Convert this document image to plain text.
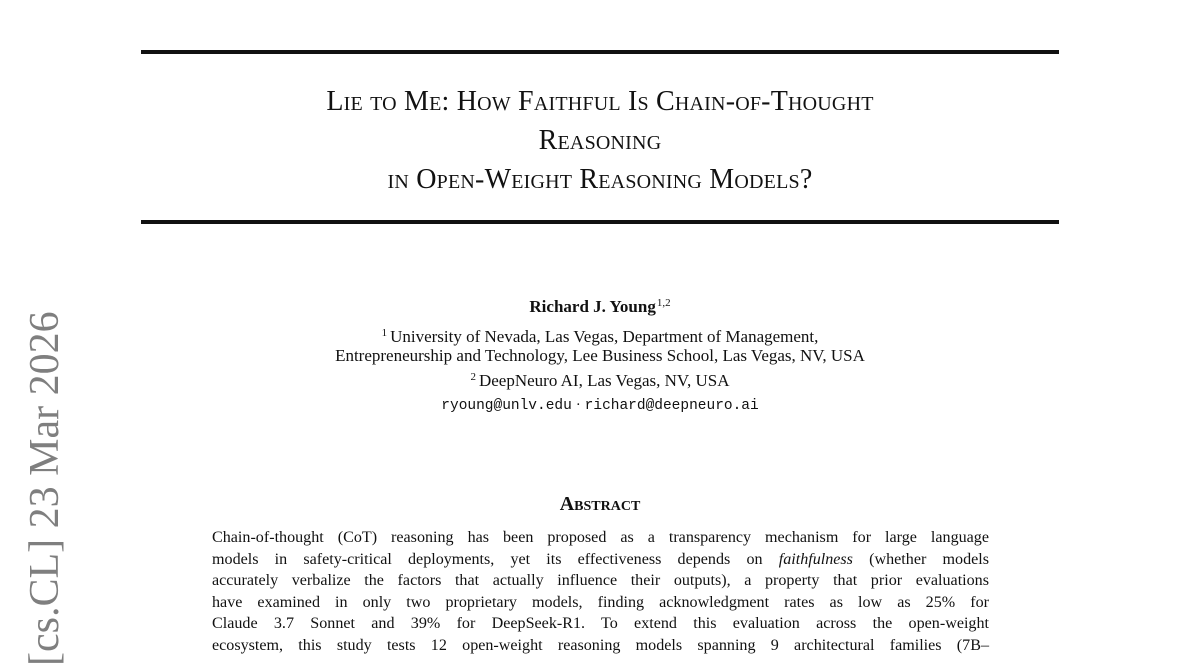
Lie to Me: How Faithful Is Chain-of-Thought
Reasoning
in Open-Weight Reasoning Models?
[cs.CL] 23 Mar 2026
Richard J. Young$^{1,2}$
$^1$ University of Nevada, Las Vegas, Department of Management,
Entrepreneurship and Technology, Lee Business School, Las Vegas, NV, USA
$^2$ DeepNeuro AI, Las Vegas, NV, USA
ryoung@unlv.edu · richard@deepneuro.ai
Abstract
Chain-of-thought (CoT) reasoning has been proposed as a transparency mechanism for large language
models in safety-critical deployments, yet its effectiveness depends on faithfulness (whether models
accurately verbalize the factors that actually influence their outputs), a property that prior evaluations
have examined in only two proprietary models, finding acknowledgment rates as low as 25% for
Claude 3.7 Sonnet and 39% for DeepSeek-R1. To extend this evaluation across the open-weight
ecosystem, this study tests 12 open-weight reasoning models spanning 9 architectural families (7B–
